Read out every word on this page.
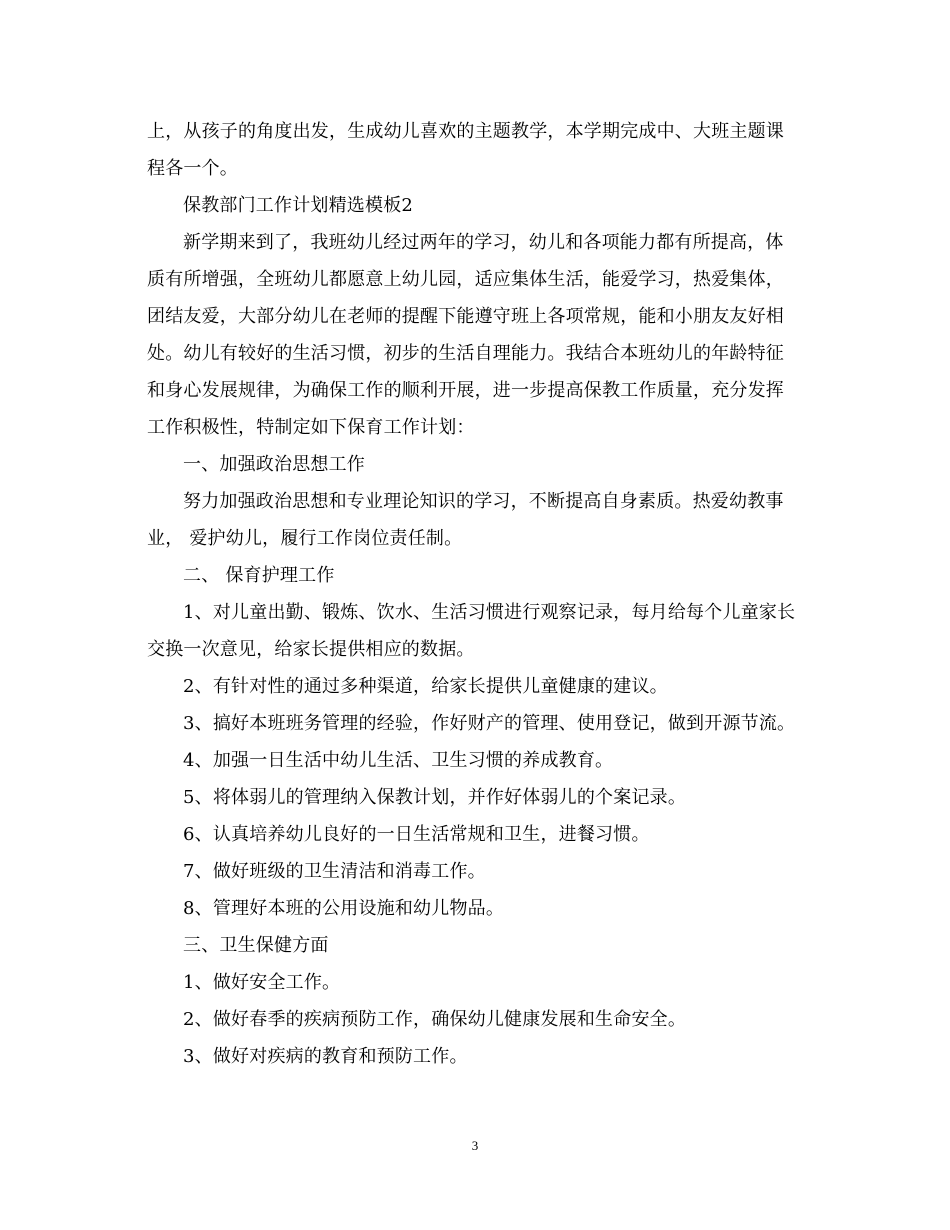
上，从孩子的角度出发，生成幼儿喜欢的主题教学，本学期完成中、大班主题课程各一个。

保教部门工作计划精选模板2

新学期来到了，我班幼儿经过两年的学习，幼儿和各项能力都有所提高，体质有所增强，全班幼儿都愿意上幼儿园，适应集体生活，能爱学习，热爱集体，团结友爱，大部分幼儿在老师的提醒下能遵守班上各项常规，能和小朋友友好相处。幼儿有较好的生活习惯，初步的生活自理能力。我结合本班幼儿的年龄特征和身心发展规律，为确保工作的顺利开展，进一步提高保教工作质量，充分发挥工作积极性，特制定如下保育工作计划：

一、加强政治思想工作

努力加强政治思想和专业理论知识的学习，不断提高自身素质。热爱幼教事业， 爱护幼儿，履行工作岗位责任制。

二、 保育护理工作

1、对儿童出勤、锻炼、饮水、生活习惯进行观察记录，每月给每个儿童家长交换一次意见，给家长提供相应的数据。

2、有针对性的通过多种渠道，给家长提供儿童健康的建议。

3、搞好本班班务管理的经验，作好财产的管理、使用登记，做到开源节流。

4、加强一日生活中幼儿生活、卫生习惯的养成教育。

5、将体弱儿的管理纳入保教计划，并作好体弱儿的个案记录。

6、认真培养幼儿良好的一日生活常规和卫生，进餐习惯。

7、做好班级的卫生清洁和消毒工作。

8、管理好本班的公用设施和幼儿物品。

三、卫生保健方面

1、做好安全工作。

2、做好春季的疾病预防工作，确保幼儿健康发展和生命安全。

3、做好对疾病的教育和预防工作。

3
